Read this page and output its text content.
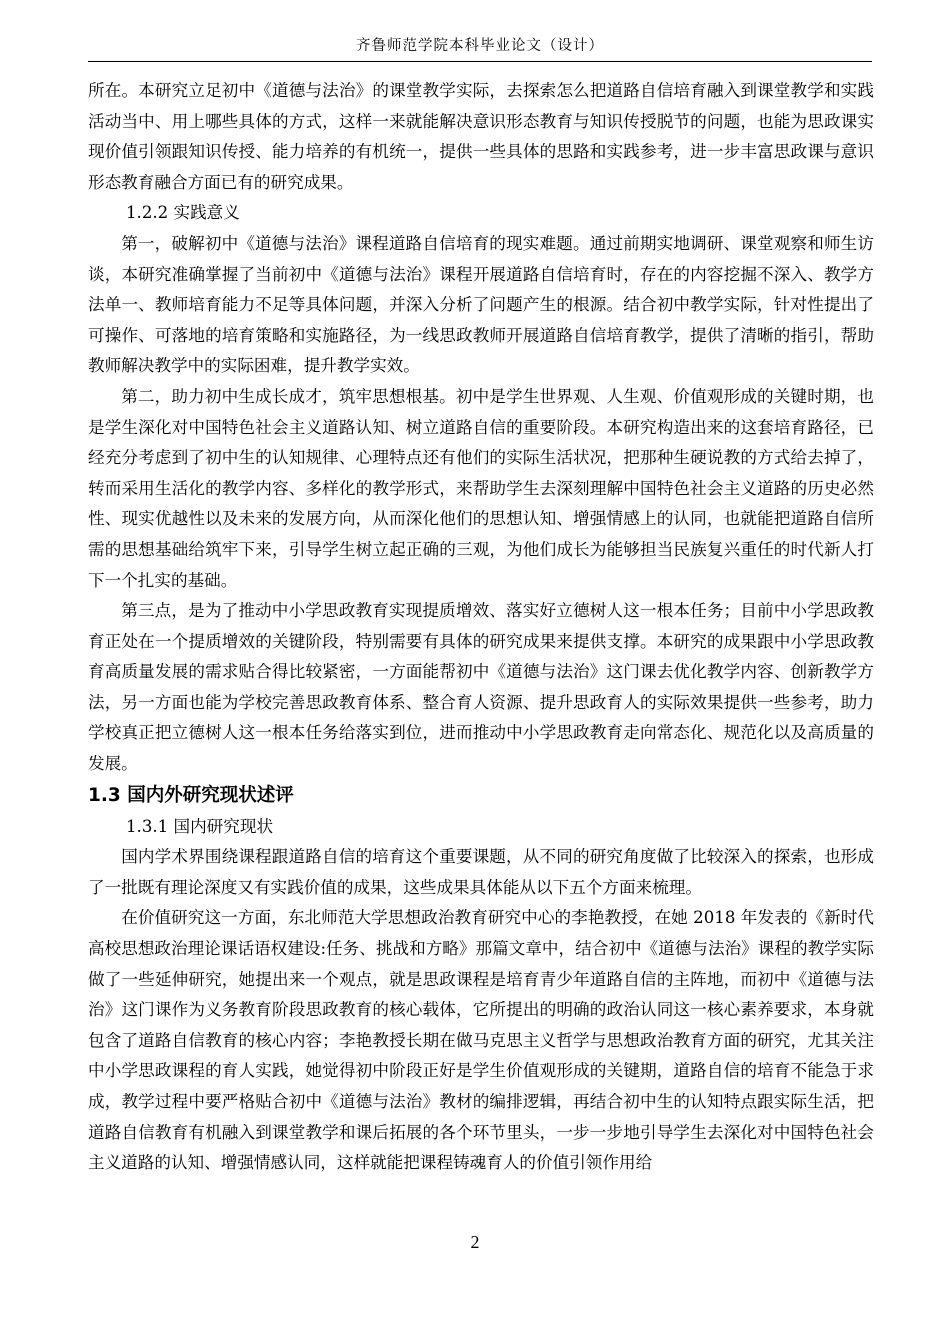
齐鲁师范学院本科毕业论文（设计）

所在。本研究立足初中《道德与法治》的课堂教学实际，去探索怎么把道路自信培育融入到课堂教学和实践活动当中、用上哪些具体的方式，这样一来就能解决意识形态教育与知识传授脱节的问题，也能为思政课实现价值引领跟知识传授、能力培养的有机统一，提供一些具体的思路和实践参考，进一步丰富思政课与意识形态教育融合方面已有的研究成果。

1.2.2 实践意义

第一，破解初中《道德与法治》课程道路自信培育的现实难题。通过前期实地调研、课堂观察和师生访谈，本研究准确掌握了当前初中《道德与法治》课程开展道路自信培育时，存在的内容挖掘不深入、教学方法单一、教师培育能力不足等具体问题，并深入分析了问题产生的根源。结合初中教学实际，针对性提出了可操作、可落地的培育策略和实施路径，为一线思政教师开展道路自信培育教学，提供了清晰的指引，帮助教师解决教学中的实际困难，提升教学实效。

第二，助力初中生成长成才，筑牢思想根基。初中是学生世界观、人生观、价值观形成的关键时期，也是学生深化对中国特色社会主义道路认知、树立道路自信的重要阶段。本研究构造出来的这套培育路径，已经充分考虑到了初中生的认知规律、心理特点还有他们的实际生活状况，把那种生硬说教的方式给去掉了，转而采用生活化的教学内容、多样化的教学形式，来帮助学生去深刻理解中国特色社会主义道路的历史必然性、现实优越性以及未来的发展方向，从而深化他们的思想认知、增强情感上的认同，也就能把道路自信所需的思想基础给筑牢下来，引导学生树立起正确的三观，为他们成长为能够担当民族复兴重任的时代新人打下一个扎实的基础。

第三点，是为了推动中小学思政教育实现提质增效、落实好立德树人这一根本任务；目前中小学思政教育正处在一个提质增效的关键阶段，特别需要有具体的研究成果来提供支撑。本研究的成果跟中小学思政教育高质量发展的需求贴合得比较紧密，一方面能帮初中《道德与法治》这门课去优化教学内容、创新教学方法，另一方面也能为学校完善思政教育体系、整合育人资源、提升思政育人的实际效果提供一些参考，助力学校真正把立德树人这一根本任务给落实到位，进而推动中小学思政教育走向常态化、规范化以及高质量的发展。

1.3 国内外研究现状述评

1.3.1 国内研究现状

国内学术界围绕课程跟道路自信的培育这个重要课题，从不同的研究角度做了比较深入的探索，也形成了一批既有理论深度又有实践价值的成果，这些成果具体能从以下五个方面来梳理。

在价值研究这一方面，东北师范大学思想政治教育研究中心的李艳教授，在她 2018 年发表的《新时代高校思想政治理论课话语权建设:任务、挑战和方略》那篇文章中，结合初中《道德与法治》课程的教学实际做了一些延伸研究，她提出来一个观点，就是思政课程是培育青少年道路自信的主阵地，而初中《道德与法治》这门课作为义务教育阶段思政教育的核心载体，它所提出的明确的政治认同这一核心素养要求，本身就包含了道路自信教育的核心内容；李艳教授长期在做马克思主义哲学与思想政治教育方面的研究，尤其关注中小学思政课程的育人实践，她觉得初中阶段正好是学生价值观形成的关键期，道路自信的培育不能急于求成，教学过程中要严格贴合初中《道德与法治》教材的编排逻辑，再结合初中生的认知特点跟实际生活，把道路自信教育有机融入到课堂教学和课后拓展的各个环节里头，一步一步地引导学生去深化对中国特色社会主义道路的认知、增强情感认同，这样就能把课程铸魂育人的价值引领作用给

2
